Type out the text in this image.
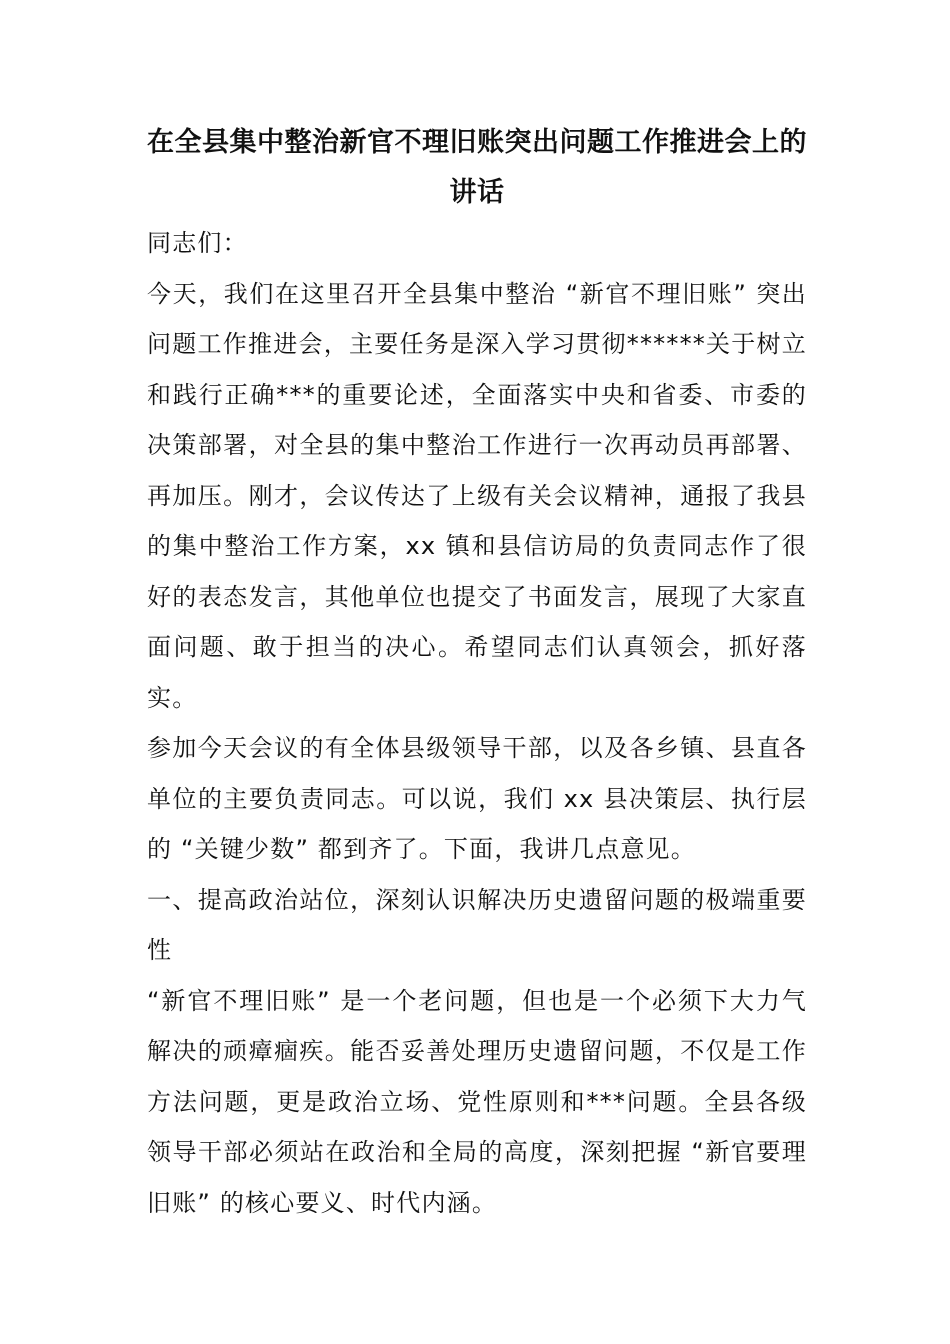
在全县集中整治新官不理旧账突出问题工作推进会上的讲话

同志们：

今天，我们在这里召开全县集中整治 “新官不理旧账” 突出问题工作推进会，主要任务是深入学习贯彻******关于树立和践行正确***的重要论述，全面落实中央和省委、市委的决策部署，对全县的集中整治工作进行一次再动员再部署、再加压。刚才，会议传达了上级有关会议精神，通报了我县的集中整治工作方案，xx 镇和县信访局的负责同志作了很好的表态发言，其他单位也提交了书面发言，展现了大家直面问题、敢于担当的决心。希望同志们认真领会，抓好落实。

参加今天会议的有全体县级领导干部，以及各乡镇、县直各单位的主要负责同志。可以说，我们 xx 县决策层、执行层的 “关键少数” 都到齐了。下面，我讲几点意见。

一、提高政治站位，深刻认识解决历史遗留问题的极端重要性

“新官不理旧账” 是一个老问题，但也是一个必须下大力气解决的顽瘴痼疾。能否妥善处理历史遗留问题，不仅是工作方法问题，更是政治立场、党性原则和***问题。全县各级领导干部必须站在政治和全局的高度，深刻把握 “新官要理旧账” 的核心要义、时代内涵。
